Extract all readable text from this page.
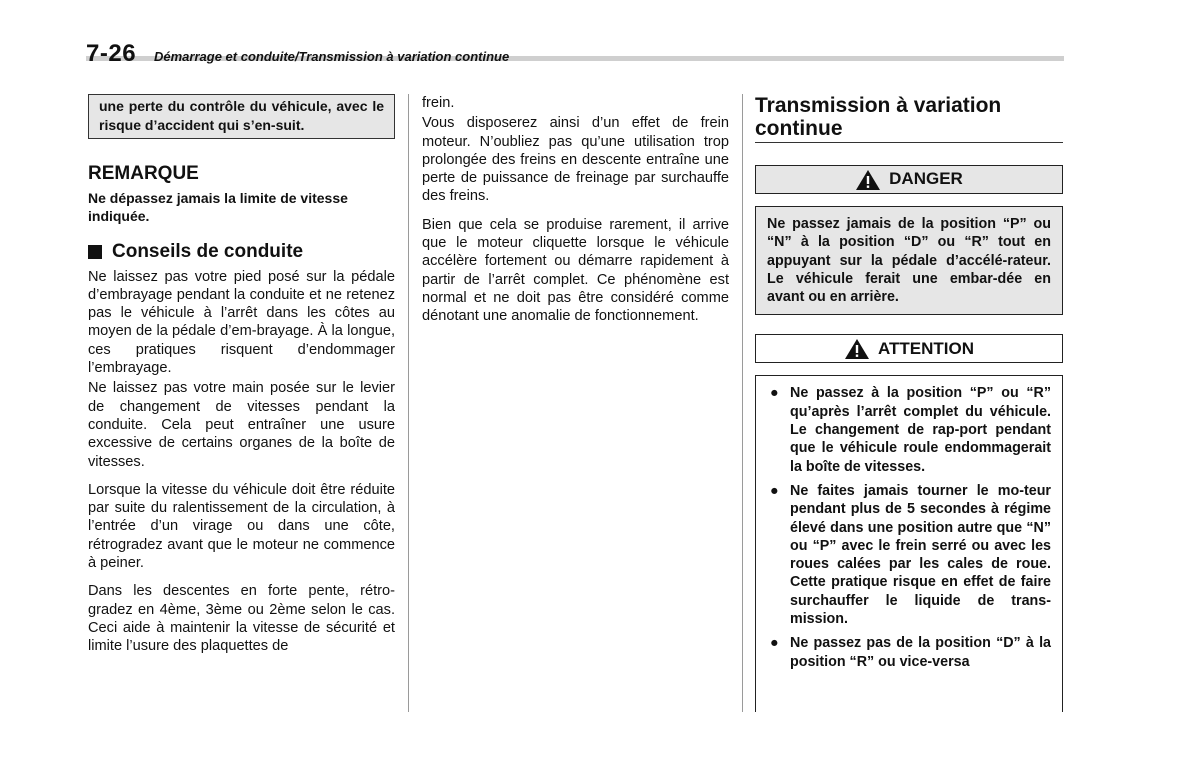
7-26 Démarrage et conduite/Transmission à variation continue
une perte du contrôle du véhicule, avec le risque d’accident qui s’en-suit.
REMARQUE
Ne dépassez jamais la limite de vitesse indiquée.
Conseils de conduite

Ne laissez pas votre pied posé sur la pédale d’embrayage pendant la conduite et ne retenez pas le véhicule à l’arrêt dans les côtes au moyen de la pédale d’em-brayage. À la longue, ces pratiques risquent d’endommager l’embrayage.

Ne laissez pas votre main posée sur le levier de changement de vitesses pendant la conduite. Cela peut entraîner une usure excessive de certains organes de la boîte de vitesses.

Lorsque la vitesse du véhicule doit être réduite par suite du ralentissement de la circulation, à l’entrée d’un virage ou dans une côte, rétrogradez avant que le moteur ne commence à peiner.

Dans les descentes en forte pente, rétro-gradez en 4ème, 3ème ou 2ème selon le cas. Ceci aide à maintenir la vitesse de sécurité et limite l’usure des plaquettes de

frein.

Vous disposerez ainsi d’un effet de frein moteur. N’oubliez pas qu’une utilisation trop prolongée des freins en descente entraîne une perte de puissance de freinage par surchauffe des freins.

Bien que cela se produise rarement, il arrive que le moteur cliquette lorsque le véhicule accélère fortement ou démarre rapidement à partir de l’arrêt complet. Ce phénomène est normal et ne doit pas être considéré comme dénotant une anomalie de fonctionnement.

Transmission à variation continue
DANGER
Ne passez jamais de la position “P” ou “N” à la position “D” ou “R” tout en appuyant sur la pédale d’accélé-rateur. Le véhicule ferait une embar-dée en avant ou en arrière.
ATTENTION
● Ne passez à la position “P” ou “R” qu’après l’arrêt complet du véhicule. Le changement de rap-port pendant que le véhicule roule endommagerait la boîte de vitesses.
● Ne faites jamais tourner le mo-teur pendant plus de 5 secondes à régime élevé dans une position autre que “N” ou “P” avec le frein serré ou avec les roues calées par les cales de roue. Cette pratique risque en effet de faire surchauffer le liquide de trans-mission.
● Ne passez pas de la position “D” à la position “R” ou vice-versa
